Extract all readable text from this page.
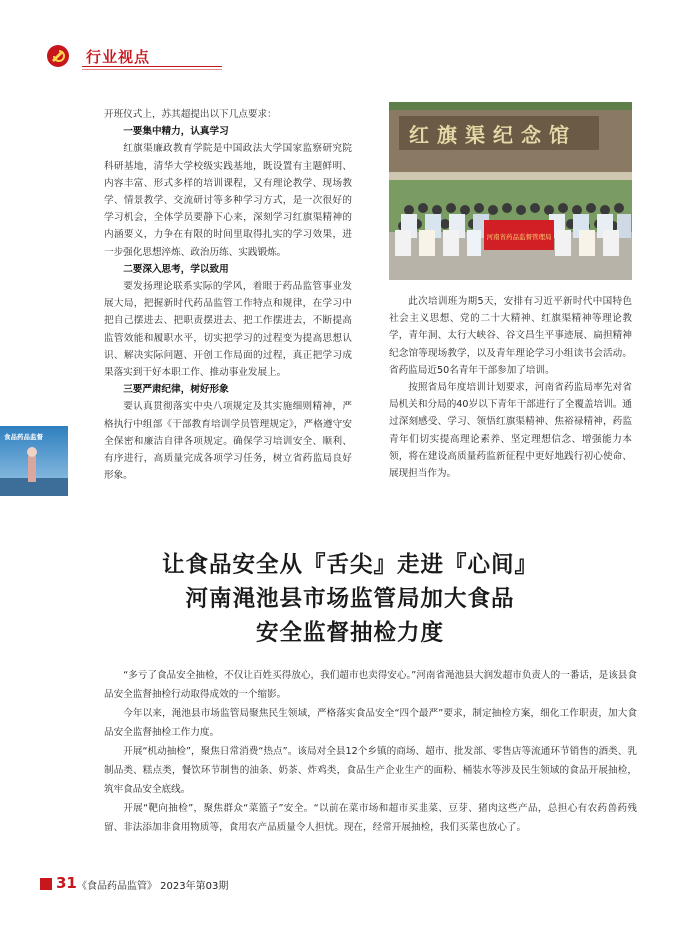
行业视点

开班仪式上，苏其超提出以下几点要求：

一要集中精力，认真学习

红旗渠廉政教育学院是中国政法大学国家监察研究院科研基地，清华大学校级实践基地，既设置有主题鲜明、内容丰富、形式多样的培训课程，又有理论教学、现场教学、情景教学、交流研讨等多种学习方式，是一次很好的学习机会，全体学员要静下心来，深刻学习红旗渠精神的内涵要义，力争在有限的时间里取得扎实的学习效果，进一步强化思想淬炼、政治历练、实践锻炼。

二要深入思考，学以致用

要发扬理论联系实际的学风，着眼于药品监管事业发展大局，把握新时代药品监管工作特点和规律，在学习中把自己摆进去、把职责摆进去、把工作摆进去，不断提高监管效能和履职水平，切实把学习的过程变为提高思想认识、解决实际问题、开创工作局面的过程，真正把学习成果落实到干好本职工作、推动事业发展上。

三要严肃纪律，树好形象

要认真贯彻落实中央八项规定及其实施细则精神，严格执行中组部《干部教育培训学员管理规定》，严格遵守安全保密和廉洁自律各项规定。确保学习培训安全、顺利、有序进行，高质量完成各项学习任务，树立省药监局良好形象。

红旗渠纪念馆
河南省药品监督管理局

此次培训班为期5天，安排有习近平新时代中国特色社会主义思想、党的二十大精神、红旗渠精神等理论教学，青年洞、太行大峡谷、谷文昌生平事迹展、扁担精神纪念馆等现场教学，以及青年理论学习小组读书会活动。省药监局近50名青年干部参加了培训。

按照省局年度培训计划要求，河南省药监局率先对省局机关和分局的40岁以下青年干部进行了全覆盖培训。通过深刻感受、学习、领悟红旗渠精神、焦裕禄精神，药监青年们切实提高理论素养、坚定理想信念、增强能力本领，将在建设高质量药监新征程中更好地践行初心使命、展现担当作为。

食品药品监督
让食品安全从『舌尖』走进『心间』
河南渑池县市场监管局加大食品
安全监督抽检力度

“多亏了食品安全抽检，不仅让百姓买得放心，我们超市也卖得安心。”河南省渑池县大润发超市负责人的一番话，是该县食品安全监督抽检行动取得成效的一个缩影。

今年以来，渑池县市场监管局聚焦民生领域，严格落实食品安全“四个最严”要求，制定抽检方案，细化工作职责，加大食品安全监督抽检工作力度。

开展“机动抽检”，聚焦日常消费“热点”。该局对全县12个乡镇的商场、超市、批发部、零售店等流通环节销售的酒类、乳制品类、糕点类，餐饮环节制售的油条、奶茶、炸鸡类，食品生产企业生产的面粉、桶装水等涉及民生领域的食品开展抽检，筑牢食品安全底线。

开展“靶向抽检”，聚焦群众“菜篮子”安全。“以前在菜市场和超市买韭菜、豆芽、猪肉这些产品，总担心有农药兽药残留、非法添加非食用物质等，食用农产品质量令人担忧。现在，经常开展抽检，我们买菜也放心了。

31 《食品药品监管》 2023年第03期
